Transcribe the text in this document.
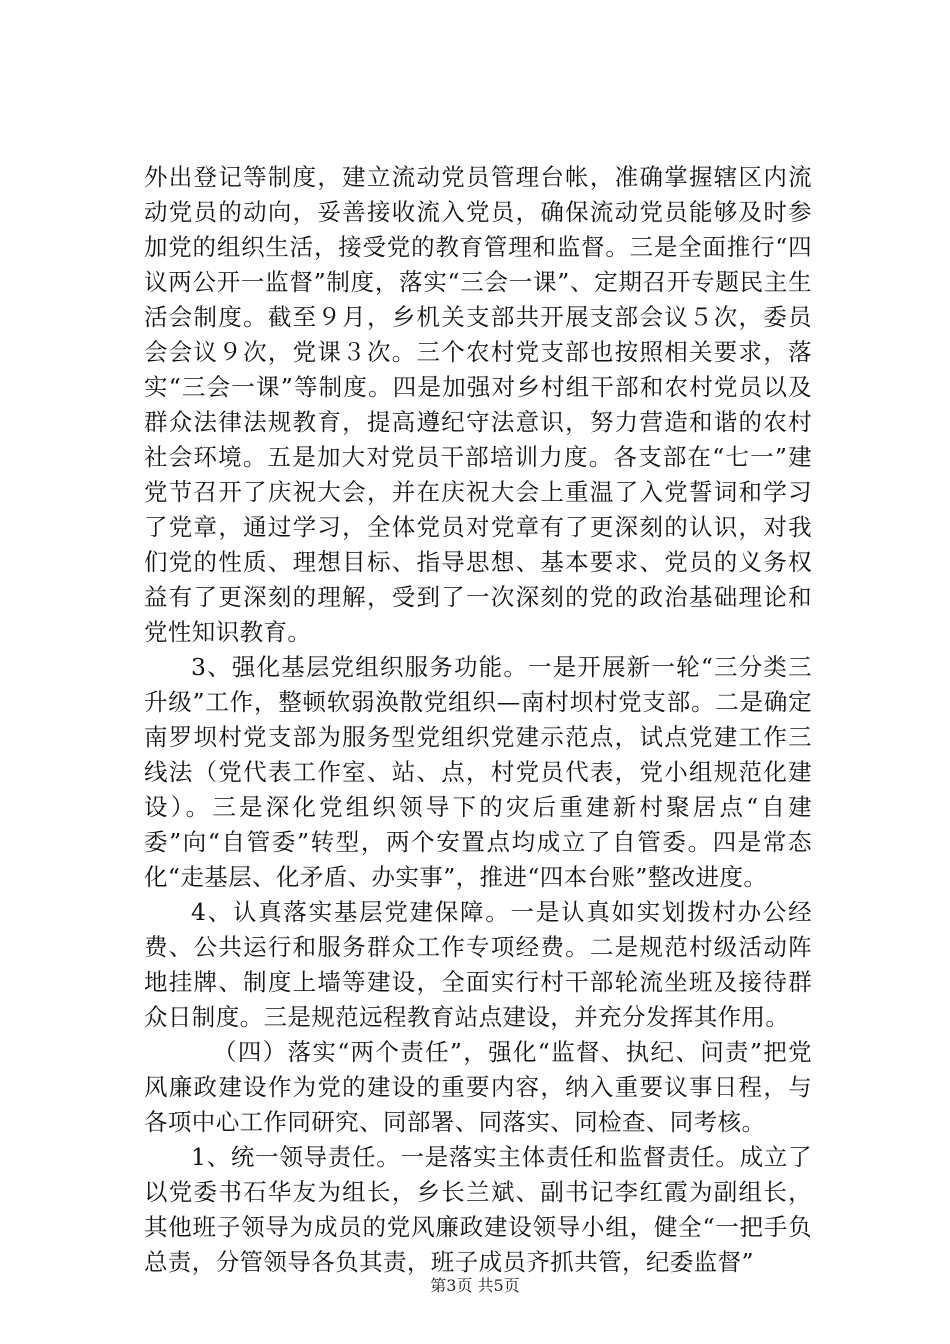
外出登记等制度，建立流动党员管理台帐，准确掌握辖区内流动党员的动向，妥善接收流入党员，确保流动党员能够及时参加党的组织生活，接受党的教育管理和监督。三是全面推行“四议两公开一监督”制度，落实“三会一课”、定期召开专题民主生活会制度。截至９月，乡机关支部共开展支部会议５次，委员会会议９次，党课３次。三个农村党支部也按照相关要求，落实“三会一课”等制度。四是加强对乡村组干部和农村党员以及群众法律法规教育，提高遵纪守法意识，努力营造和谐的农村社会环境。五是加大对党员干部培训力度。各支部在“七一”建党节召开了庆祝大会，并在庆祝大会上重温了入党誓词和学习了党章，通过学习，全体党员对党章有了更深刻的认识，对我们党的性质、理想目标、指导思想、基本要求、党员的义务权益有了更深刻的理解，受到了一次深刻的党的政治基础理论和党性知识教育。

3、强化基层党组织服务功能。一是开展新一轮“三分类三升级”工作，整顿软弱涣散党组织—南村坝村党支部。二是确定南罗坝村党支部为服务型党组织党建示范点，试点党建工作三线法（党代表工作室、站、点，村党员代表，党小组规范化建设）。三是深化党组织领导下的灾后重建新村聚居点“自建委”向“自管委”转型，两个安置点均成立了自管委。四是常态化“走基层、化矛盾、办实事”，推进“四本台账”整改进度。

4、认真落实基层党建保障。一是认真如实划拨村办公经费、公共运行和服务群众工作专项经费。二是规范村级活动阵地挂牌、制度上墙等建设，全面实行村干部轮流坐班及接待群众日制度。三是规范远程教育站点建设，并充分发挥其作用。

（四）落实“两个责任”，强化“监督、执纪、问责”把党风廉政建设作为党的建设的重要内容，纳入重要议事日程，与各项中心工作同研究、同部署、同落实、同检查、同考核。

1、统一领导责任。一是落实主体责任和监督责任。成立了以党委书石华友为组长，乡长兰斌、副书记李红霞为副组长，其他班子领导为成员的党风廉政建设领导小组，健全“一把手负总责，分管领导各负其责，班子成员齐抓共管，纪委监督”

第3页 共5页
